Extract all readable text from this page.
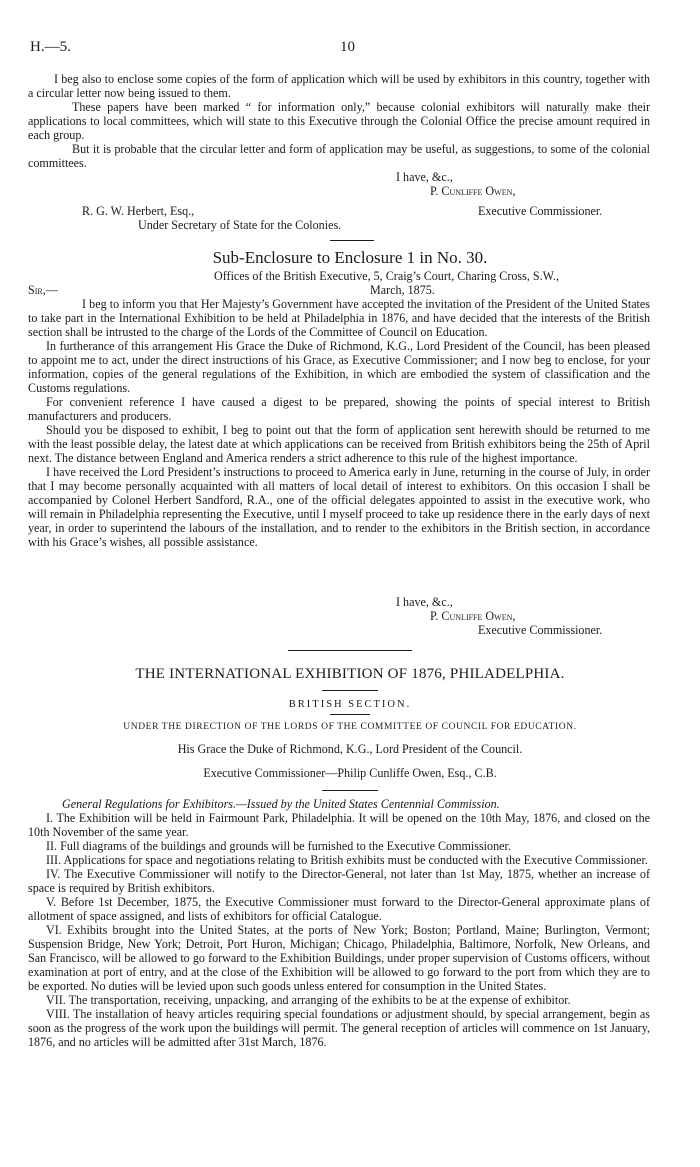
H.—5.	10

I beg also to enclose some copies of the form of application which will be used by exhibitors in this country, together with a circular letter now being issued to them.

These papers have been marked “ for information only,” because colonial exhibitors will naturally make their applications to local committees, which will state to this Executive through the Colonial Office the precise amount required in each group.

But it is probable that the circular letter and form of application may be useful, as suggestions, to some of the colonial committees.

I have, &c.,
P. Cunliffe Owen,
R. G. W. Herbert, Esq.,	Executive Commissioner.
Under Secretary of State for the Colonies.
Sub-Enclosure to Enclosure 1 in No. 30.
Offices of the British Executive, 5, Craig’s Court, Charing Cross, S.W.,
Sir,—	March, 1875.

I beg to inform you that Her Majesty’s Government have accepted the invitation of the President of the United States to take part in the International Exhibition to be held at Philadelphia in 1876, and have decided that the interests of the British section shall be intrusted to the charge of the Lords of the Committee of Council on Education.

In furtherance of this arrangement His Grace the Duke of Richmond, K.G., Lord President of the Council, has been pleased to appoint me to act, under the direct instructions of his Grace, as Executive Commissioner; and I now beg to enclose, for your information, copies of the general regulations of the Exhibition, in which are embodied the system of classification and the Customs regulations.

For convenient reference I have caused a digest to be prepared, showing the points of special interest to British manufacturers and producers.

Should you be disposed to exhibit, I beg to point out that the form of application sent herewith should be returned to me with the least possible delay, the latest date at which applications can be received from British exhibitors being the 25th of April next. The distance between England and America renders a strict adherence to this rule of the highest importance.

I have received the Lord President’s instructions to proceed to America early in June, returning in the course of July, in order that I may become personally acquainted with all matters of local detail of interest to exhibitors. On this occasion I shall be accompanied by Colonel Herbert Sandford, R.A., one of the official delegates appointed to assist in the executive work, who will remain in Philadelphia representing the Executive, until I myself proceed to take up residence there in the early days of next year, in order to superintend the labours of the installation, and to render to the exhibitors in the British section, in accordance with his Grace’s wishes, all possible assistance.

I have, &c.,
P. Cunliffe Owen,
Executive Commissioner.
THE INTERNATIONAL EXHIBITION OF 1876, PHILADELPHIA.
BRITISH SECTION.
UNDER THE DIRECTION OF THE LORDS OF THE COMMITTEE OF COUNCIL FOR EDUCATION.
His Grace the Duke of Richmond, K.G., Lord President of the Council.
Executive Commissioner—Philip Cunliffe Owen, Esq., C.B.

General Regulations for Exhibitors.—Issued by the United States Centennial Commission.

I. The Exhibition will be held in Fairmount Park, Philadelphia. It will be opened on the 10th May, 1876, and closed on the 10th November of the same year.

II. Full diagrams of the buildings and grounds will be furnished to the Executive Commissioner.

III. Applications for space and negotiations relating to British exhibits must be conducted with the Executive Commissioner.

IV. The Executive Commissioner will notify to the Director-General, not later than 1st May, 1875, whether an increase of space is required by British exhibitors.

V. Before 1st December, 1875, the Executive Commissioner must forward to the Director-General approximate plans of allotment of space assigned, and lists of exhibitors for official Catalogue.

VI. Exhibits brought into the United States, at the ports of New York; Boston; Portland, Maine; Burlington, Vermont; Suspension Bridge, New York; Detroit, Port Huron, Michigan; Chicago, Philadelphia, Baltimore, Norfolk, New Orleans, and San Francisco, will be allowed to go forward to the Exhibition Buildings, under proper supervision of Customs officers, without examination at port of entry, and at the close of the Exhibition will be allowed to go forward to the port from which they are to be exported. No duties will be levied upon such goods unless entered for consumption in the United States.

VII. The transportation, receiving, unpacking, and arranging of the exhibits to be at the expense of exhibitor.

VIII. The installation of heavy articles requiring special foundations or adjustment should, by special arrangement, begin as soon as the progress of the work upon the buildings will permit. The general reception of articles will commence on 1st January, 1876, and no articles will be admitted after 31st March, 1876.
